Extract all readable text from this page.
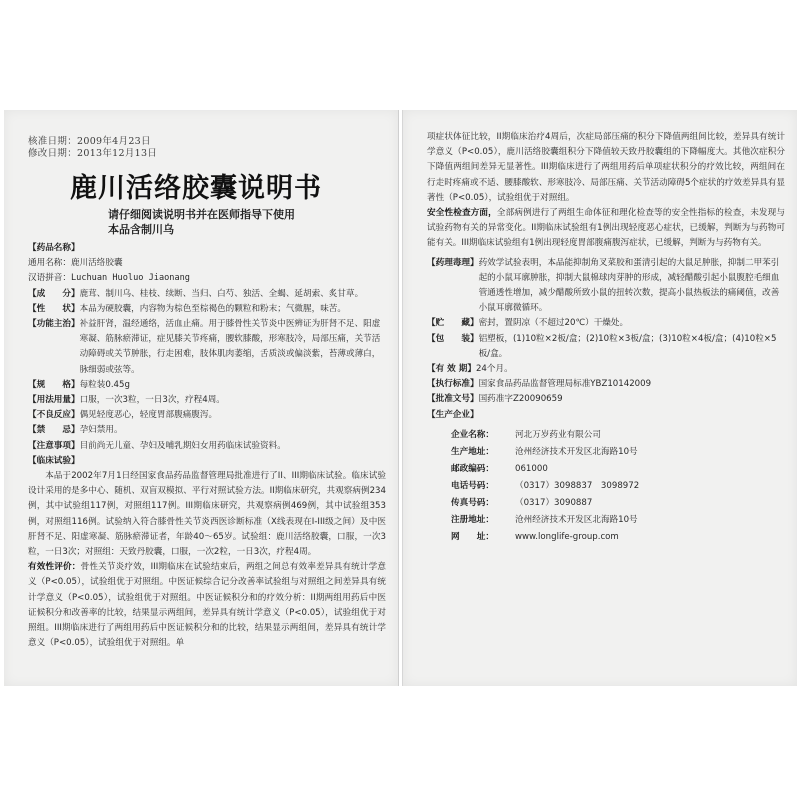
核准日期：2009年4月23日
修改日期：2013年12月13日
鹿川活络胶囊说明书
请仔细阅读说明书并在医师指导下使用
本品含制川乌
【药品名称】
通用名称： 鹿川活络胶囊
汉语拼音： Luchuan Huoluo Jiaonang
【成　　分】 鹿茸、制川乌、桂枝、续断、当归、白芍、独活、全蝎、延胡索、炙甘草。
【性　　状】 本品为硬胶囊，内容物为棕色至棕褐色的颗粒和粉末；气微腥，味苦。
【功能主治】 补益肝肾，温经通络，活血止痛。用于膝骨性关节炎中医辨证为肝肾不足、阳虚寒凝、筋脉瘀滞证，症见膝关节疼痛，腰软膝酸，形寒肢冷，局部压痛，关节活动障碍或关节肿胀，行走困难，肢体肌肉萎缩，舌质淡或偏淡紫，苔薄或薄白，脉细弱或弦等。
【规　　格】 每粒装0.45g
【用法用量】 口服，一次3粒，一日3次，疗程4周。
【不良反应】 偶见轻度恶心，轻度胃部腹痛腹泻。
【禁　　忌】 孕妇禁用。
【注意事项】 目前尚无儿童、孕妇及哺乳期妇女用药临床试验资料。
【临床试验】
本品于2002年7月1日经国家食品药品监督管理局批准进行了II、III期临床试验。临床试验设计采用的是多中心、随机、双盲双模拟、平行对照试验方法。II期临床研究，共观察病例234例，其中试验组117例，对照组117例。III期临床研究，共观察病例469例，其中试验组353例，对照组116例。试验纳入符合膝骨性关节炎西医诊断标准（X线表现在I-III级之间）及中医肝肾不足、阳虚寒凝、筋脉瘀滞证者，年龄40～65岁。试验组：鹿川活络胶囊，口服，一次3粒，一日3次；对照组：天致丹胶囊，口服，一次2粒，一日3次，疗程4周。
有效性评价：骨性关节炎疗效，III期临床在试验结束后，两组之间总有效率差异具有统计学意义（P<0.05），试验组优于对照组。中医证候综合记分改善率试验组与对照组之间差异具有统计学意义（P<0.05），试验组优于对照组。中医证候积分和的疗效分析：II期两组用药后中医证候积分和改善率的比较，结果显示两组间，差异具有统计学意义（P<0.05），试验组优于对照组。III期临床进行了两组用药后中医证候积分和的比较，结果显示两组间，差异具有统计学意义（P<0.05），试验组优于对照组。单
项症状体征比较，II期临床治疗4周后，次症局部压痛的积分下降值两组间比较，差异具有统计学意义（P<0.05），鹿川活络胶囊组积分下降值较天致丹胶囊组的下降幅度大。其他次症积分下降值两组间差异无显著性。III期临床进行了两组用药后单项症状积分的疗效比较，两组间在行走时疼痛或不适、腰膝酸软、形寒肢冷、局部压痛、关节活动障碍5个症状的疗效差异具有显著性（P<0.05），试验组优于对照组。
安全性检查方面，全部病例进行了两组生命体征和理化检查等的安全性指标的检查，未发现与试验药物有关的异常变化。II期临床试验组有1例出现轻度恶心症状，已缓解，判断为与药物可能有关。III期临床试验组有1例出现轻度胃部腹痛腹泻症状，已缓解，判断为与药物有关。
【药理毒理】 药效学试验表明，本品能抑制角叉菜胶和蛋清引起的大鼠足肿胀，抑制二甲苯引起的小鼠耳廓肿胀，抑制大鼠棉球肉芽肿的形成，减轻醋酸引起小鼠腹腔毛细血管通透性增加，减少醋酸所致小鼠的扭转次数，提高小鼠热板法的痛阈值，改善小鼠耳廓微循环。
【贮　　藏】 密封，置阴凉（不超过20℃）干燥处。
【包　　装】 铝塑板，(1)10粒×2板/盒；(2)10粒×3板/盒；(3)10粒×4板/盒；(4)10粒×5板/盒。
【有 效 期】 24个月。
【执行标准】 国家食品药品监督管理局标准YBZ10142009
【批准文号】 国药准字Z20090659
【生产企业】
企业名称：	河北万岁药业有限公司
生产地址：	沧州经济技术开发区北海路10号
邮政编码：	061000
电话号码：	（0317）3098837　3098972
传真号码：	（0317）3090887
注册地址：	沧州经济技术开发区北海路10号
网　　址：	www.longlife-group.com
